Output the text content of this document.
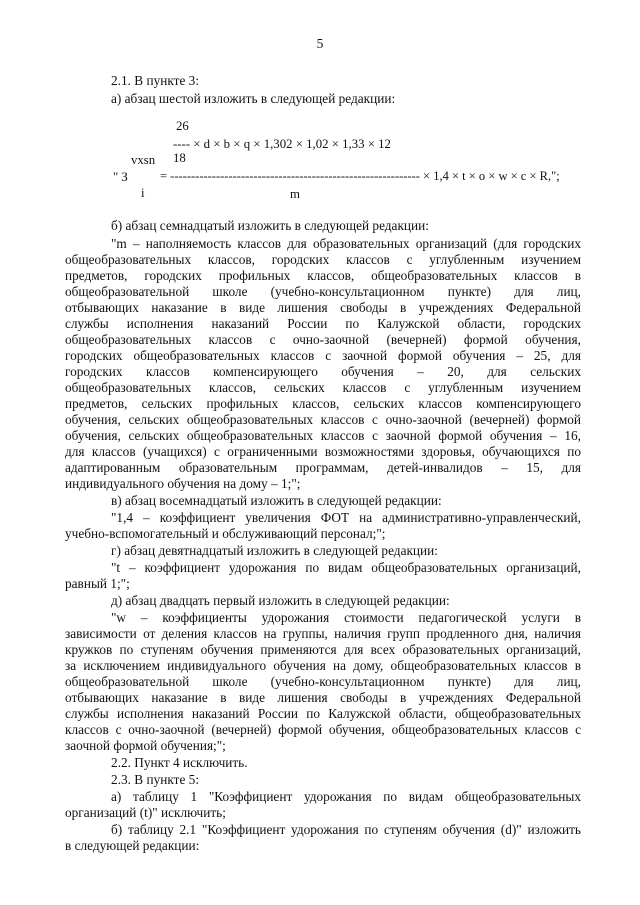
5
2.1. В пункте 3:
а) абзац шестой изложить в следующей редакции:
26
---- × d × b × q × 1,302 × 1,02 × 1,33 × 12
vxsn 18
" З	= ------------------------------------------------------------ × 1,4 × t × o × w × c × R,";
i	m
б) абзац семнадцатый изложить в следующей редакции:
"m – наполняемость классов для образовательных организаций (для городских
общеобразовательных классов, городских классов с углубленным изучением
предметов, городских профильных классов, общеобразовательных классов в
общеобразовательной школе (учебно-консультационном пункте) для лиц,
отбывающих наказание в виде лишения свободы в учреждениях Федеральной
службы исполнения наказаний России по Калужской области, городских
общеобразовательных классов с очно-заочной (вечерней) формой обучения,
городских общеобразовательных классов с заочной формой обучения – 25, для
городских классов компенсирующего обучения – 20, для сельских
общеобразовательных классов, сельских классов с углубленным изучением
предметов, сельских профильных классов, сельских классов компенсирующего
обучения, сельских общеобразовательных классов с очно-заочной (вечерней) формой
обучения, сельских общеобразовательных классов с заочной формой обучения – 16,
для классов (учащихся) с ограниченными возможностями здоровья, обучающихся по
адаптированным образовательным программам, детей-инвалидов – 15, для
индивидуального обучения на дому – 1;";
в) абзац восемнадцатый изложить в следующей редакции:
"1,4 – коэффициент увеличения ФОТ на административно-управленческий,
учебно-вспомогательный и обслуживающий персонал;";
г) абзац девятнадцатый изложить в следующей редакции:
"t – коэффициент удорожания по видам общеобразовательных организаций,
равный 1;";
д) абзац двадцать первый изложить в следующей редакции:
"w – коэффициенты удорожания стоимости педагогической услуги в
зависимости от деления классов на группы, наличия групп продленного дня, наличия
кружков по ступеням обучения применяются для всех образовательных организаций,
за исключением индивидуального обучения на дому, общеобразовательных классов в
общеобразовательной школе (учебно-консультационном пункте) для лиц,
отбывающих наказание в виде лишения свободы в учреждениях Федеральной
службы исполнения наказаний России по Калужской области, общеобразовательных
классов с очно-заочной (вечерней) формой обучения, общеобразовательных классов с
заочной формой обучения;";
2.2. Пункт 4 исключить.
2.3. В пункте 5:
а) таблицу 1 "Коэффициент удорожания по видам общеобразовательных
организаций (t)" исключить;
б) таблицу 2.1 "Коэффициент удорожания по ступеням обучения (d)" изложить
в следующей редакции:
